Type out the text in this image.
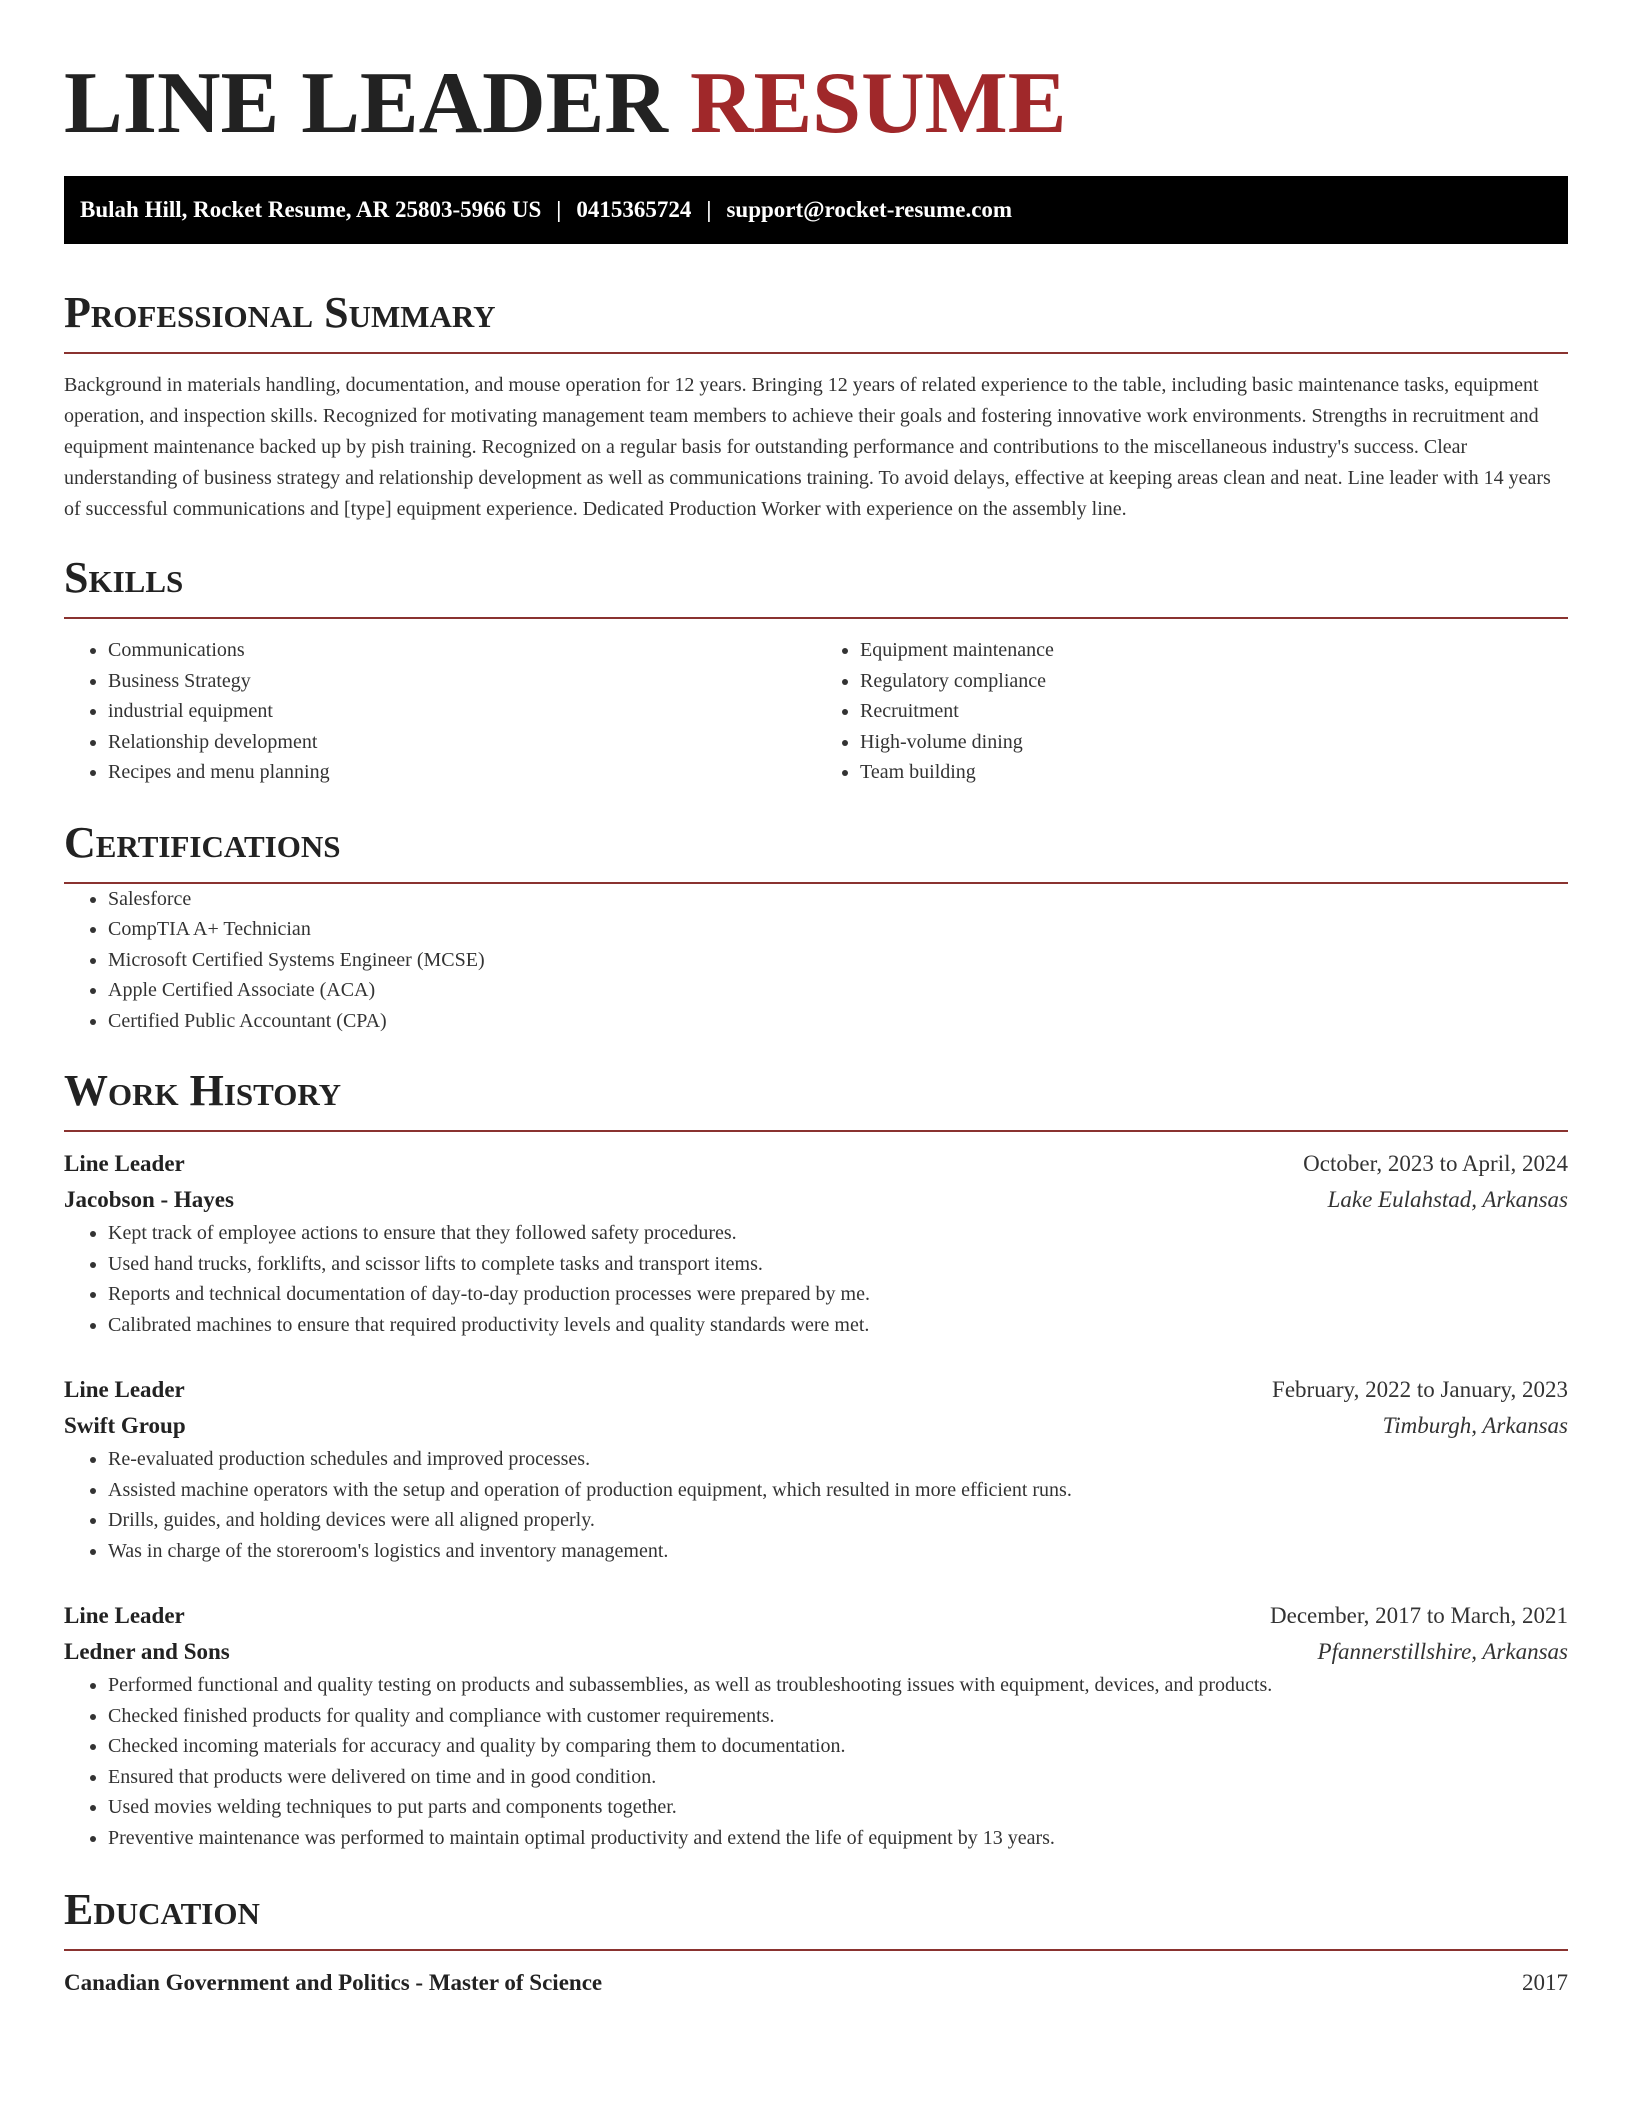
LINE LEADER RESUME
Bulah Hill, Rocket Resume, AR 25803-5966 US | 0415365724 | support@rocket-resume.com
Professional Summary

Background in materials handling, documentation, and mouse operation for 12 years. Bringing 12 years of related experience to the table, including basic maintenance tasks, equipment operation, and inspection skills. Recognized for motivating management team members to achieve their goals and fostering innovative work environments. Strengths in recruitment and equipment maintenance backed up by pish training. Recognized on a regular basis for outstanding performance and contributions to the miscellaneous industry's success. Clear understanding of business strategy and relationship development as well as communications training. To avoid delays, effective at keeping areas clean and neat. Line leader with 14 years of successful communications and [type] equipment experience. Dedicated Production Worker with experience on the assembly line.

Skills
• Communications
• Business Strategy
• industrial equipment
• Relationship development
• Recipes and menu planning
• Equipment maintenance
• Regulatory compliance
• Recruitment
• High-volume dining
• Team building
Certifications
• Salesforce
• CompTIA A+ Technician
• Microsoft Certified Systems Engineer (MCSE)
• Apple Certified Associate (ACA)
• Certified Public Accountant (CPA)
Work History
Line Leader	October, 2023 to April, 2024
Jacobson - Hayes	Lake Eulahstad, Arkansas
• Kept track of employee actions to ensure that they followed safety procedures.
• Used hand trucks, forklifts, and scissor lifts to complete tasks and transport items.
• Reports and technical documentation of day-to-day production processes were prepared by me.
• Calibrated machines to ensure that required productivity levels and quality standards were met.
Line Leader	February, 2022 to January, 2023
Swift Group	Timburgh, Arkansas
• Re-evaluated production schedules and improved processes.
• Assisted machine operators with the setup and operation of production equipment, which resulted in more efficient runs.
• Drills, guides, and holding devices were all aligned properly.
• Was in charge of the storeroom's logistics and inventory management.
Line Leader	December, 2017 to March, 2021
Ledner and Sons	Pfannerstillshire, Arkansas
• Performed functional and quality testing on products and subassemblies, as well as troubleshooting issues with equipment, devices, and products.
• Checked finished products for quality and compliance with customer requirements.
• Checked incoming materials for accuracy and quality by comparing them to documentation.
• Ensured that products were delivered on time and in good condition.
• Used movies welding techniques to put parts and components together.
• Preventive maintenance was performed to maintain optimal productivity and extend the life of equipment by 13 years.
Education
Canadian Government and Politics - Master of Science	2017
